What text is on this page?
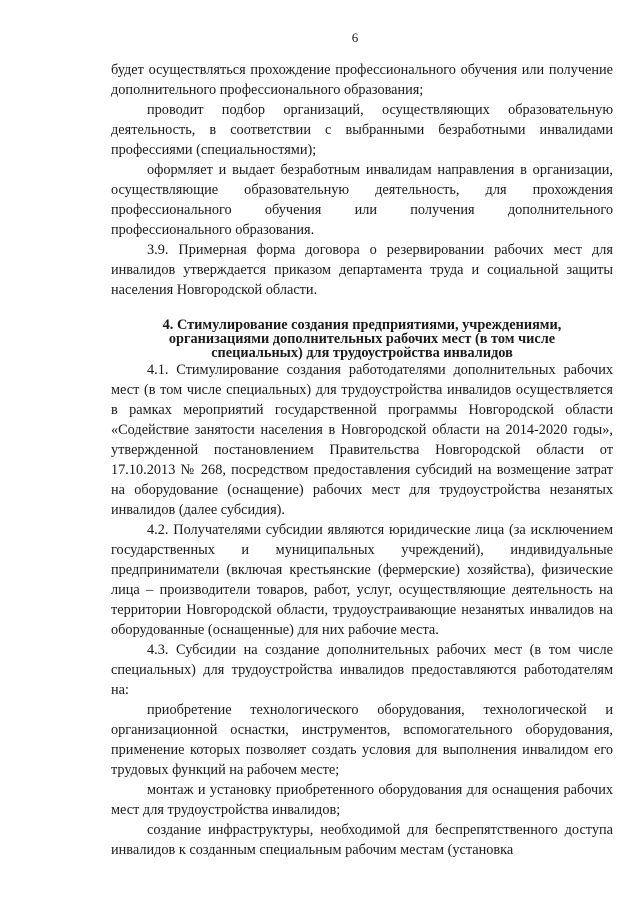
6

будет осуществляться прохождение профессионального обучения или получение дополнительного профессионального образования;

проводит подбор организаций, осуществляющих образовательную деятельность, в соответствии с выбранными безработными инвалидами профессиями (специальностями);

оформляет и выдает безработным инвалидам направления в организации, осуществляющие образовательную деятельность, для прохождения профессионального обучения или получения дополнительного профессионального образования.

3.9. Примерная форма договора о резервировании рабочих мест для инвалидов утверждается приказом департамента труда и социальной защиты населения Новгородской области.

4. Стимулирование создания предприятиями, учреждениями,
организациями дополнительных рабочих мест (в том числе
специальных) для трудоустройства инвалидов

4.1. Стимулирование создания работодателями дополнительных рабочих мест (в том числе специальных) для трудоустройства инвалидов осуществляется в рамках мероприятий государственной программы Новгородской области «Содействие занятости населения в Новгородской области на 2014-2020 годы», утвержденной постановлением Правительства Новгородской области от 17.10.2013 № 268, посредством предоставления субсидий на возмещение затрат на оборудование (оснащение) рабочих мест для трудоустройства незанятых инвалидов (далее субсидия).

4.2. Получателями субсидии являются юридические лица (за исключением государственных и муниципальных учреждений), индивидуальные предприниматели (включая крестьянские (фермерские) хозяйства), физические лица – производители товаров, работ, услуг, осуществляющие деятельность на территории Новгородской области, трудоустраивающие незанятых инвалидов на оборудованные (оснащенные) для них рабочие места.

4.3. Субсидии на создание дополнительных рабочих мест (в том числе специальных) для трудоустройства инвалидов предоставляются работодателям на:

приобретение технологического оборудования, технологической и организационной оснастки, инструментов, вспомогательного оборудования, применение которых позволяет создать условия для выполнения инвалидом его трудовых функций на рабочем месте;

монтаж и установку приобретенного оборудования для оснащения рабочих мест для трудоустройства инвалидов;

создание инфраструктуры, необходимой для беспрепятственного доступа инвалидов к созданным специальным рабочим местам (установка
